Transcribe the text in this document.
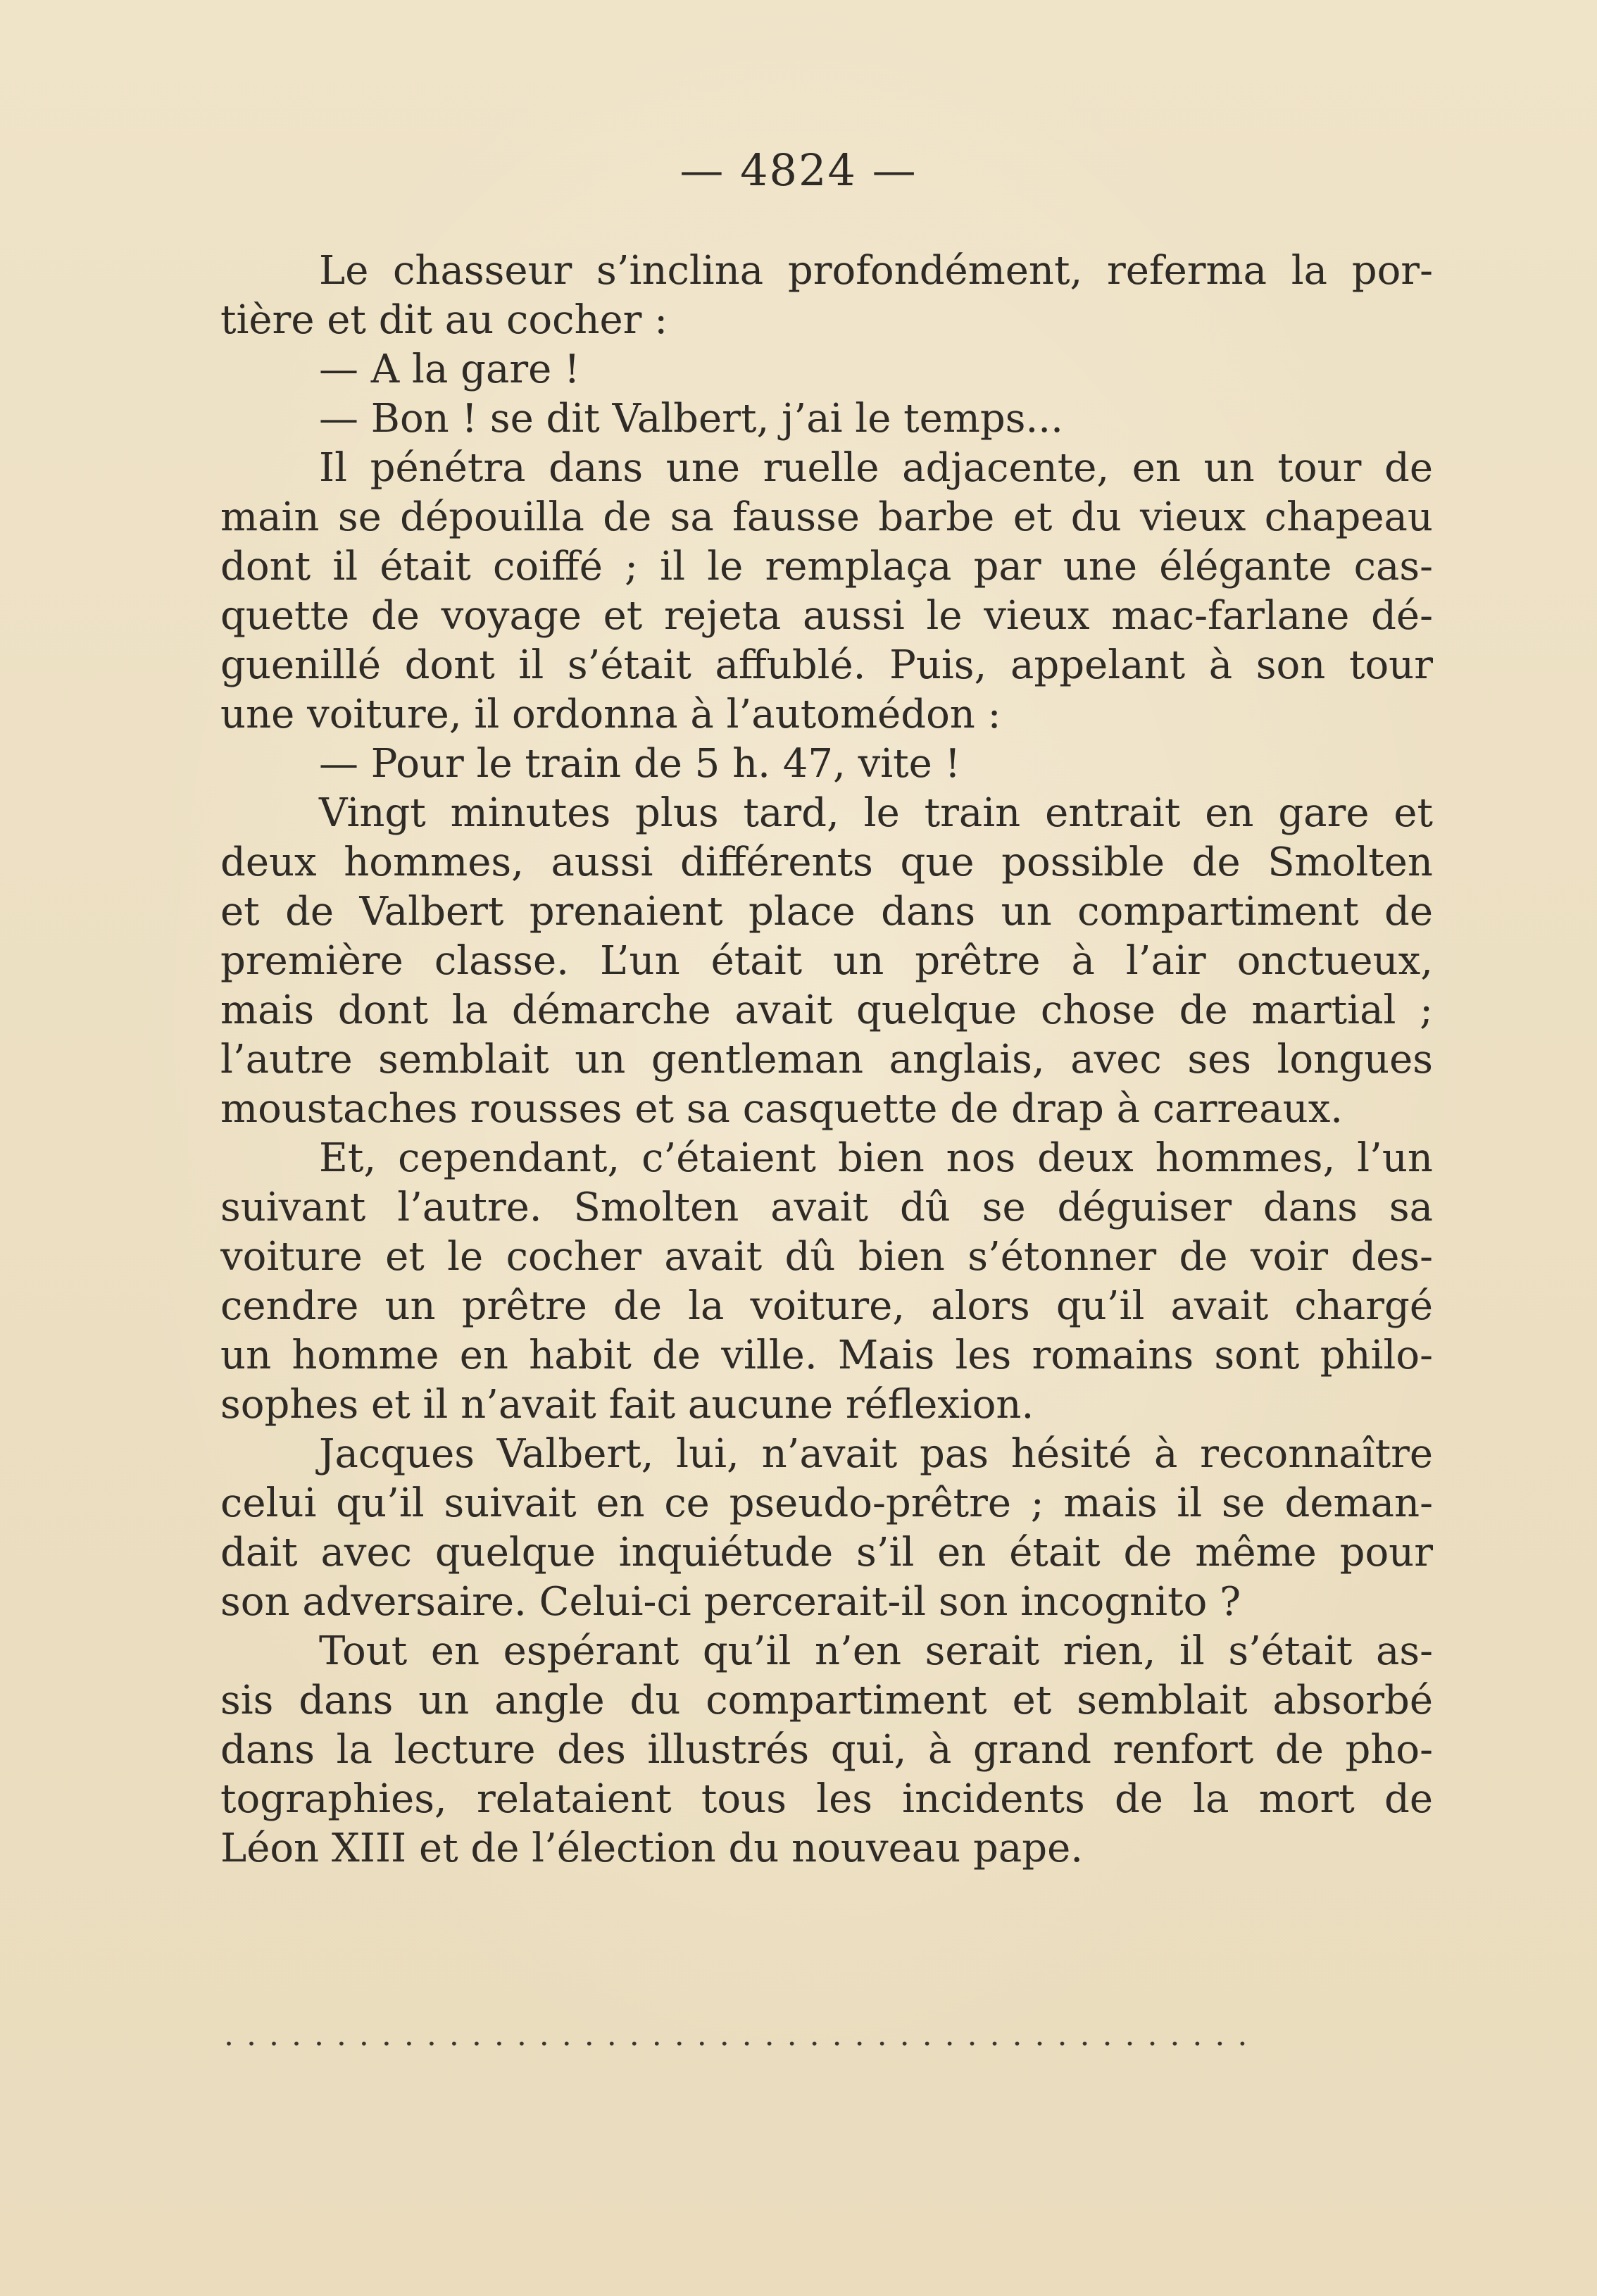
— 4824 —
Le chasseur s’inclina profondément, referma la por-
tière et dit au cocher :
— A la gare !
— Bon ! se dit Valbert, j’ai le temps...
Il pénétra dans une ruelle adjacente, en un tour de
main se dépouilla de sa fausse barbe et du vieux chapeau
dont il était coiffé ; il le remplaça par une élégante cas-
quette de voyage et rejeta aussi le vieux mac-farlane dé-
guenillé dont il s’était affublé. Puis, appelant à son tour
une voiture, il ordonna à l’automédon :
— Pour le train de 5 h. 47, vite !
Vingt minutes plus tard, le train entrait en gare et
deux hommes, aussi différents que possible de Smolten
et de Valbert prenaient place dans un compartiment de
première classe. L’un était un prêtre à l’air onctueux,
mais dont la démarche avait quelque chose de martial ;
l’autre semblait un gentleman anglais, avec ses longues
moustaches rousses et sa casquette de drap à carreaux.
Et, cependant, c’étaient bien nos deux hommes, l’un
suivant l’autre. Smolten avait dû se déguiser dans sa
voiture et le cocher avait dû bien s’étonner de voir des-
cendre un prêtre de la voiture, alors qu’il avait chargé
un homme en habit de ville. Mais les romains sont philo-
sophes et il n’avait fait aucune réflexion.
Jacques Valbert, lui, n’avait pas hésité à reconnaître
celui qu’il suivait en ce pseudo-prêtre ; mais il se deman-
dait avec quelque inquiétude s’il en était de même pour
son adversaire. Celui-ci percerait-il son incognito ?
Tout en espérant qu’il n’en serait rien, il s’était as-
sis dans un angle du compartiment et semblait absorbé
dans la lecture des illustrés qui, à grand renfort de pho-
tographies, relataient tous les incidents de la mort de
Léon XIII et de l’élection du nouveau pape.
..............................................
